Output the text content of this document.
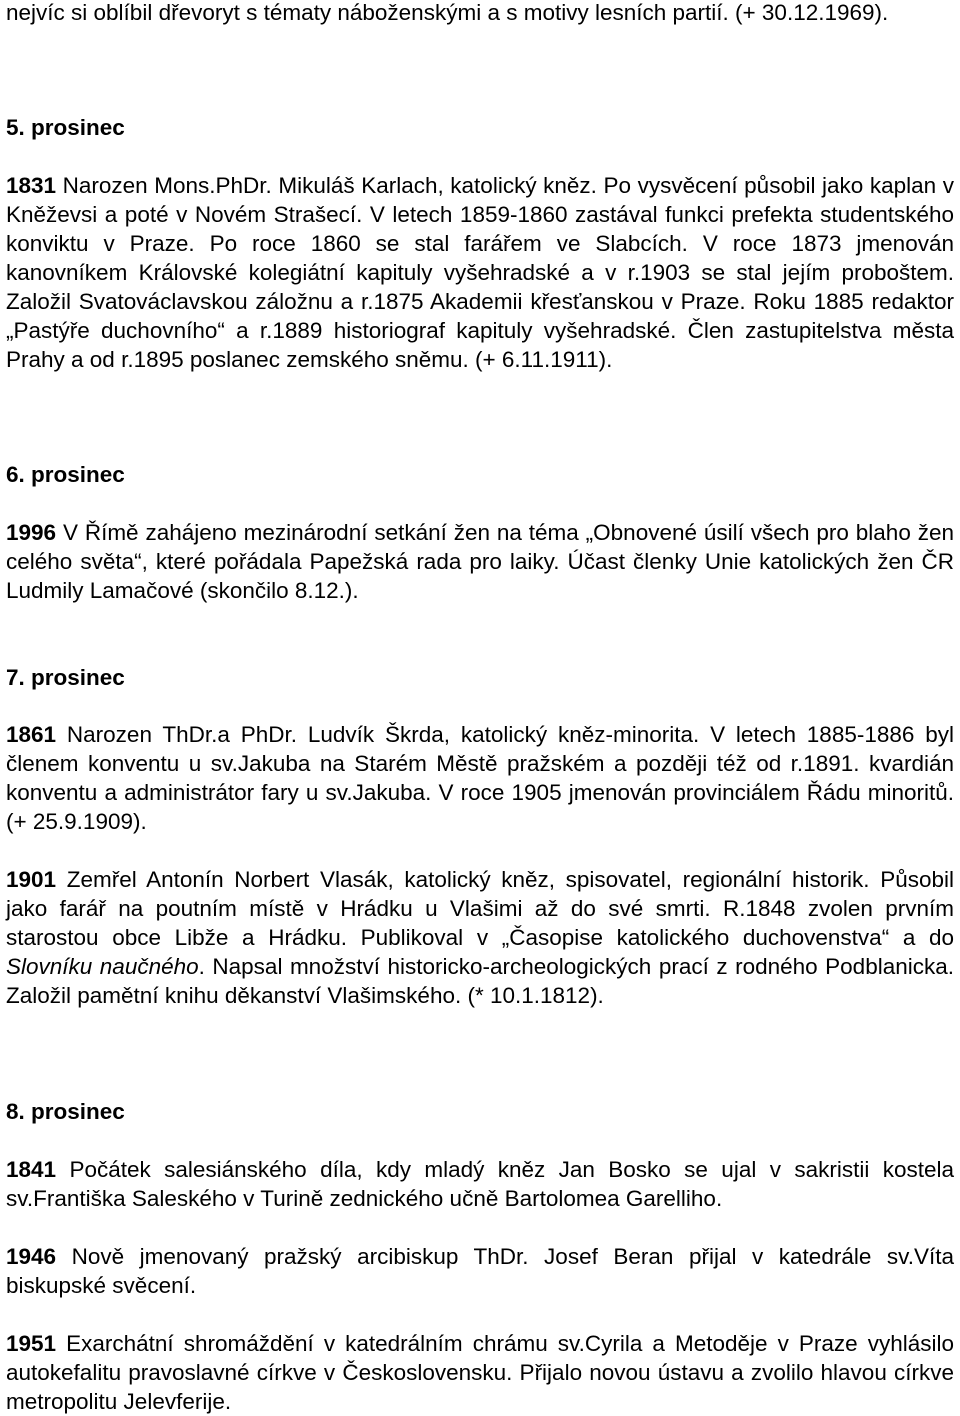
nejvíc si oblíbil dřevoryt s tématy náboženskými a s motivy lesních partií. (+ 30.12.1969).

5. prosinec

1831 Narozen Mons.PhDr. Mikuláš Karlach, katolický kněz. Po vysvěcení působil jako kaplan v Kněževsi a poté v Novém Strašecí. V letech 1859-1860 zastával funkci prefekta studentského konviktu v Praze. Po roce 1860 se stal farářem ve Slabcích. V roce 1873 jmenován kanovníkem Královské kolegiátní kapituly vyšehradské a v r.1903 se stal jejím proboštem. Založil Svatováclavskou záložnu a r.1875 Akademii křesťanskou v Praze. Roku 1885 redaktor „Pastýře duchovního“ a r.1889 historiograf kapituly vyšehradské. Člen zastupitelstva města Prahy a od r.1895 poslanec zemského sněmu. (+ 6.11.1911).

6. prosinec

1996 V Římě zahájeno mezinárodní setkání žen na téma „Obnovené úsilí všech pro blaho žen celého světa“, které pořádala Papežská rada pro laiky. Účast členky Unie katolických žen ČR Ludmily Lamačové (skončilo 8.12.).

7. prosinec

1861 Narozen ThDr.a PhDr. Ludvík Škrda, katolický kněz-minorita. V letech 1885-1886 byl členem konventu u sv.Jakuba na Starém Městě pražském a později též od r.1891. kvardián konventu a administrátor fary u sv.Jakuba. V roce 1905 jmenován provinciálem Řádu minoritů. (+ 25.9.1909).

1901 Zemřel Antonín Norbert Vlasák, katolický kněz, spisovatel, regionální historik. Působil jako farář na poutním místě v Hrádku u Vlašimi až do své smrti. R.1848 zvolen prvním starostou obce Libže a Hrádku. Publikoval v „Časopise katolického duchovenstva“ a do Slovníku naučného. Napsal množství historicko-archeologických prací z rodného Podblanicka. Založil pamětní knihu děkanství Vlašimského. (* 10.1.1812).

8. prosinec

1841 Počátek salesiánského díla, kdy mladý kněz Jan Bosko se ujal v sakristii kostela sv.Františka Saleského v Turině zednického učně Bartolomea Garelliho.

1946 Nově jmenovaný pražský arcibiskup ThDr. Josef Beran přijal v katedrále sv.Víta biskupské svěcení.

1951 Exarchátní shromáždění v katedrálním chrámu sv.Cyrila a Metoděje v Praze vyhlásilo autokefalitu pravoslavné církve v Československu. Přijalo novou ústavu a zvolilo hlavou církve metropolitu Jelevferije.
